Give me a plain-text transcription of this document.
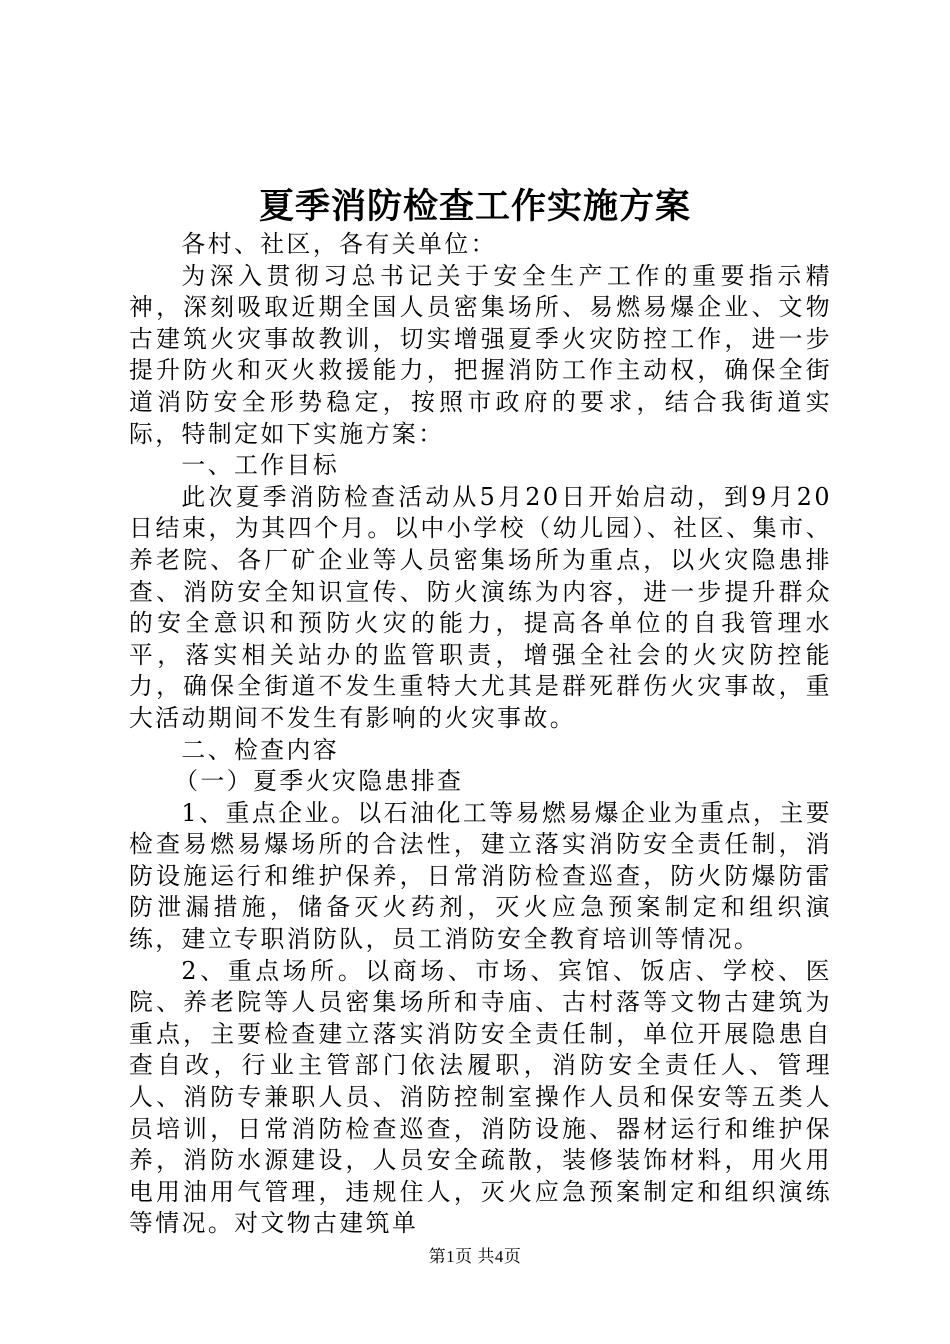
夏季消防检查工作实施方案

各村、社区，各有关单位：

为深入贯彻习总书记关于安全生产工作的重要指示精神，深刻吸取近期全国人员密集场所、易燃易爆企业、文物古建筑火灾事故教训，切实增强夏季火灾防控工作，进一步提升防火和灭火救援能力，把握消防工作主动权，确保全街道消防安全形势稳定，按照市政府的要求，结合我街道实际，特制定如下实施方案：

一、工作目标

此次夏季消防检查活动从5月20日开始启动，到9月20日结束，为其四个月。以中小学校（幼儿园）、社区、集市、养老院、各厂矿企业等人员密集场所为重点，以火灾隐患排查、消防安全知识宣传、防火演练为内容，进一步提升群众的安全意识和预防火灾的能力，提高各单位的自我管理水平，落实相关站办的监管职责，增强全社会的火灾防控能力，确保全街道不发生重特大尤其是群死群伤火灾事故，重大活动期间不发生有影响的火灾事故。

二、检查内容

（一）夏季火灾隐患排查

1、重点企业。以石油化工等易燃易爆企业为重点，主要检查易燃易爆场所的合法性，建立落实消防安全责任制，消防设施运行和维护保养，日常消防检查巡查，防火防爆防雷防泄漏措施，储备灭火药剂，灭火应急预案制定和组织演练，建立专职消防队，员工消防安全教育培训等情况。

2、重点场所。以商场、市场、宾馆、饭店、学校、医院、养老院等人员密集场所和寺庙、古村落等文物古建筑为重点，主要检查建立落实消防安全责任制，单位开展隐患自查自改，行业主管部门依法履职，消防安全责任人、管理人、消防专兼职人员、消防控制室操作人员和保安等五类人员培训，日常消防检查巡查，消防设施、器材运行和维护保养，消防水源建设，人员安全疏散，装修装饰材料，用火用电用油用气管理，违规住人，灭火应急预案制定和组织演练等情况。对文物古建筑单

第1页 共4页
